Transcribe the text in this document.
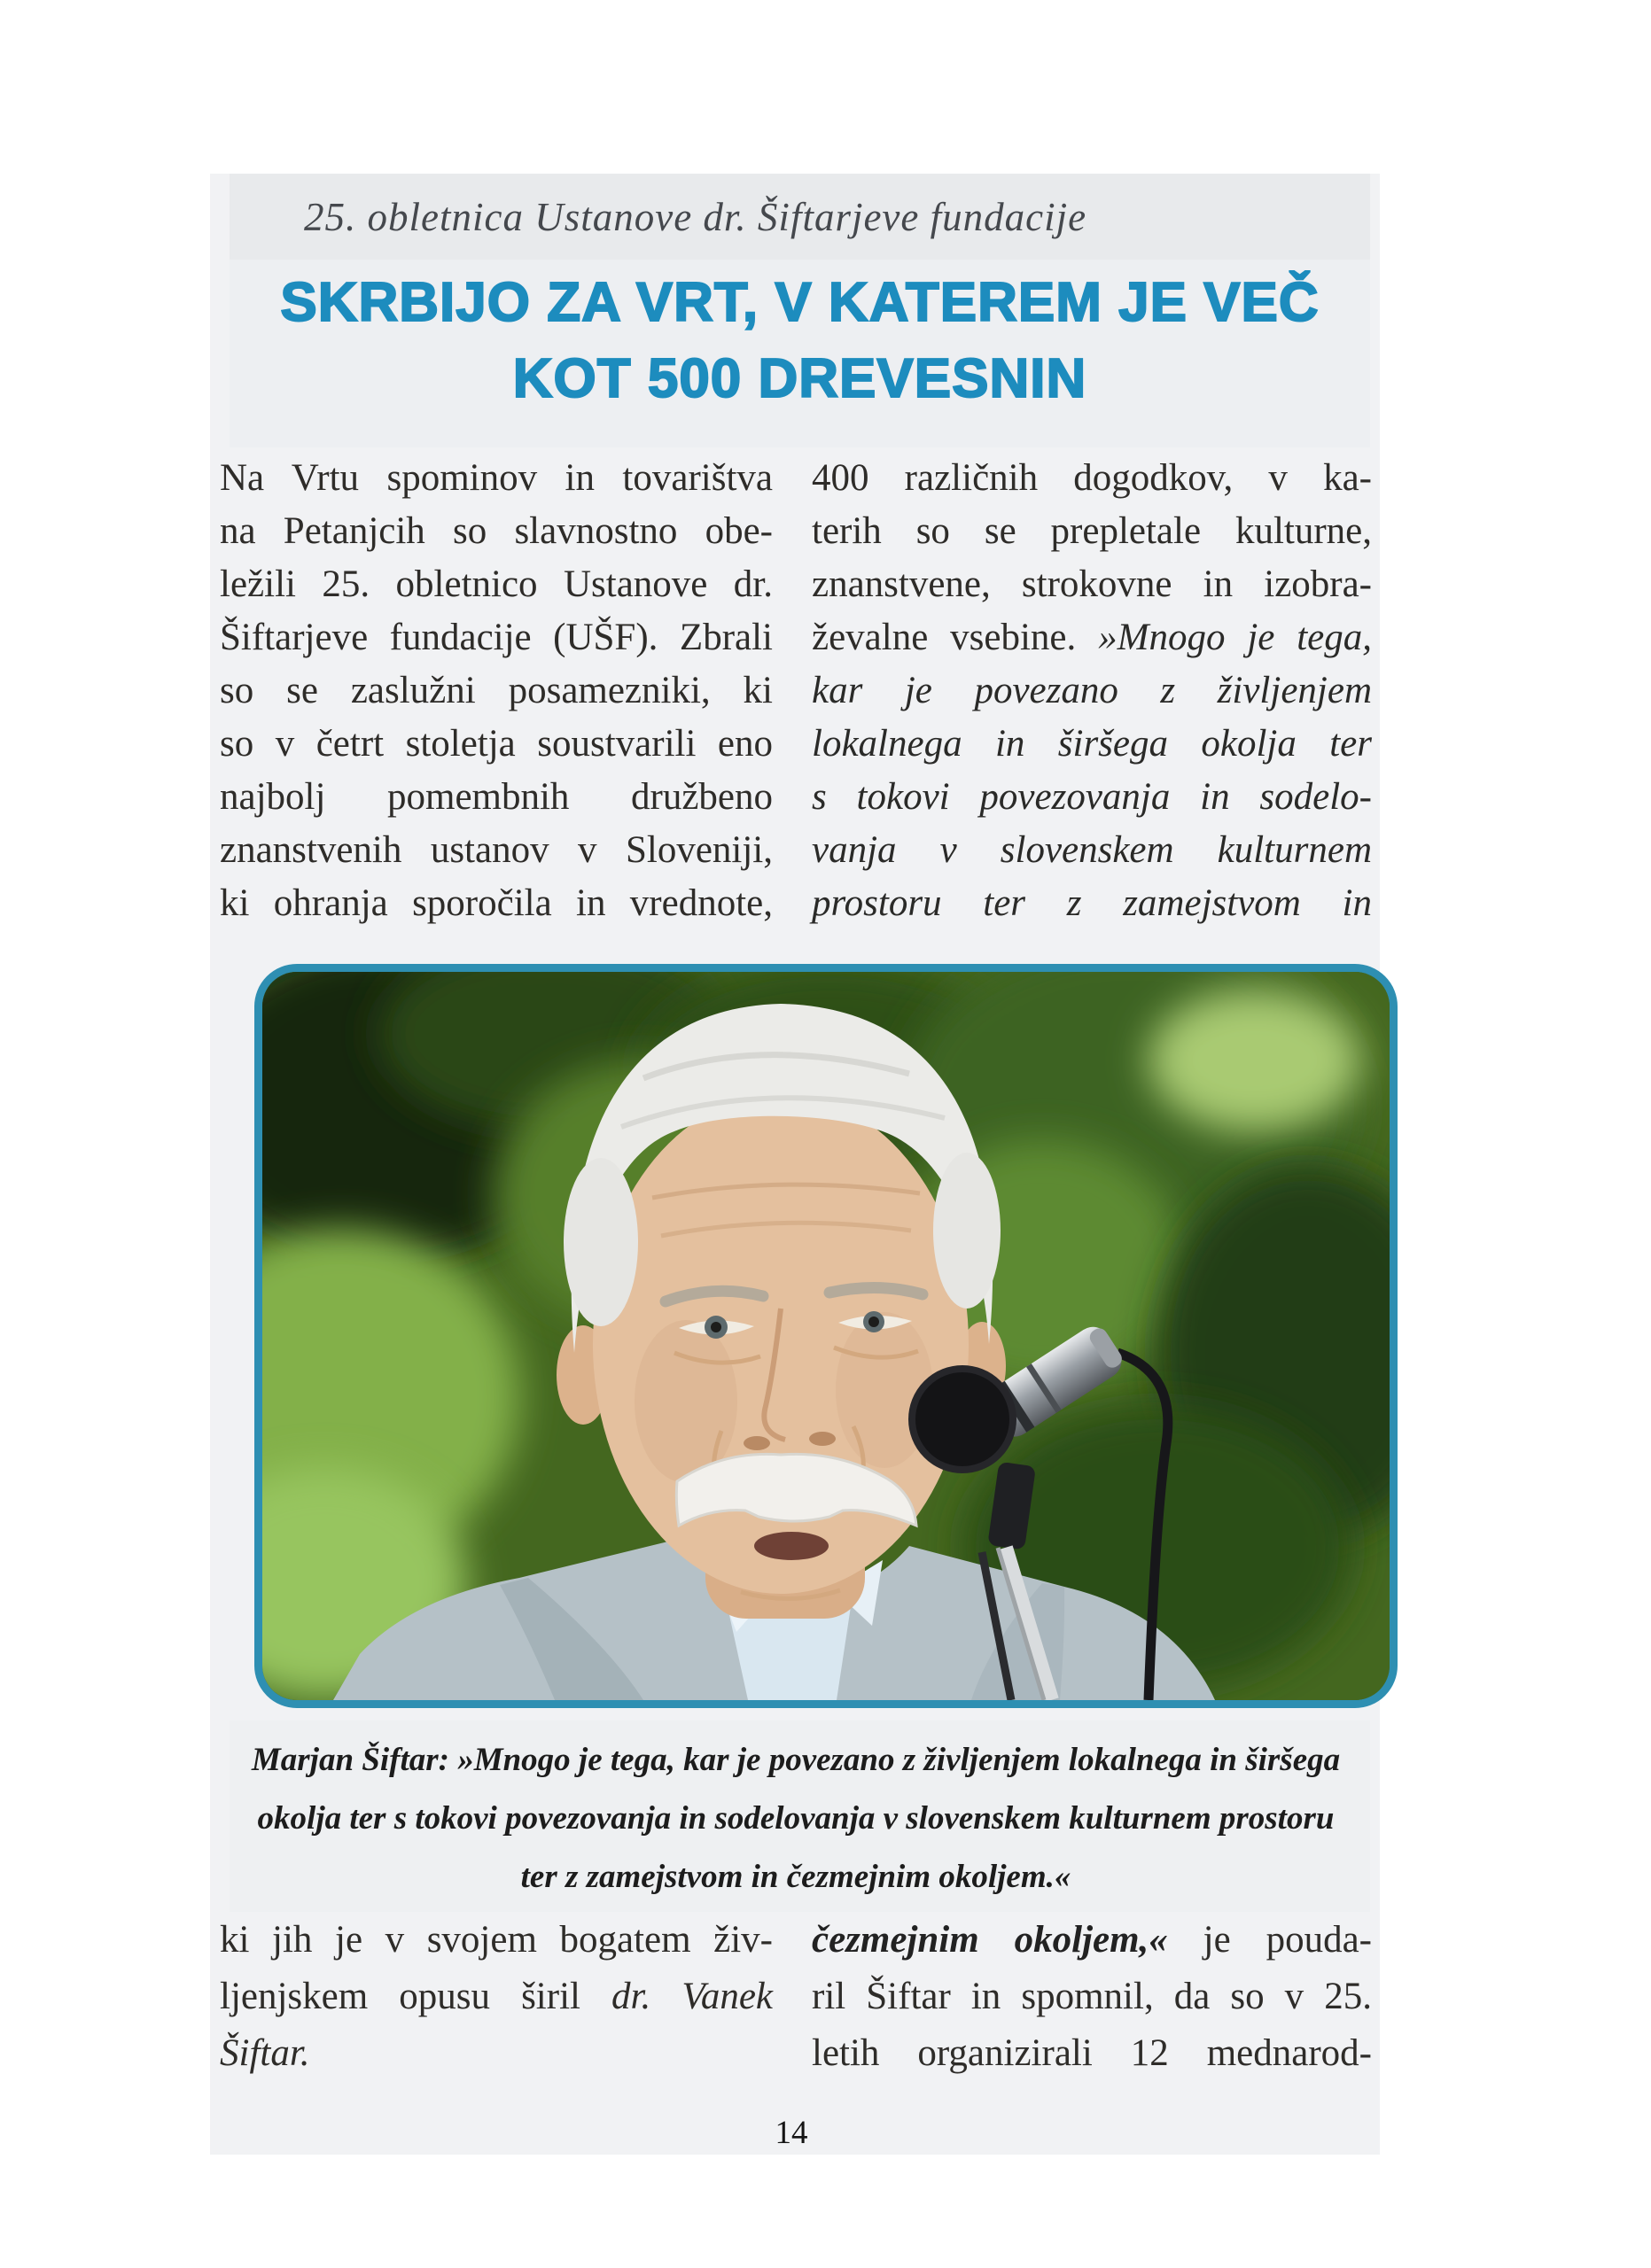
25. obletnica Ustanove dr. Šiftarjeve fundacije
SKRBIJO ZA VRT, V KATEREM JE VEČ
KOT 500 DREVESNIN
Na Vrtu spominov in tovarištva
na Petanjcih so slavnostno obe-
ležili 25. obletnico Ustanove dr.
Šiftarjeve fundacije (UŠF). Zbrali
so se zaslužni posamezniki, ki
so v četrt stoletja soustvarili eno
najbolj pomembnih družbeno
znanstvenih ustanov v Sloveniji,
ki ohranja sporočila in vrednote,
400 različnih dogodkov, v ka-
terih so se prepletale kulturne,
znanstvene, strokovne in izobra-
ževalne vsebine. »Mnogo je tega,
kar je povezano z življenjem
lokalnega in širšega okolja ter
s tokovi povezovanja in sodelo-
vanja v slovenskem kulturnem
prostoru ter z zamejstvom in
Marjan Šiftar: »Mnogo je tega, kar je povezano z življenjem lokalnega in širšega
okolja ter s tokovi povezovanja in sodelovanja v slovenskem kulturnem prostoru
ter z zamejstvom in čezmejnim okoljem.«
ki jih je v svojem bogatem živ-
ljenjskem opusu širil dr. Vanek
Šiftar.
čezmejnim okoljem,« je pouda-
ril Šiftar in spomnil, da so v 25.
letih organizirali 12 mednarod-
14
